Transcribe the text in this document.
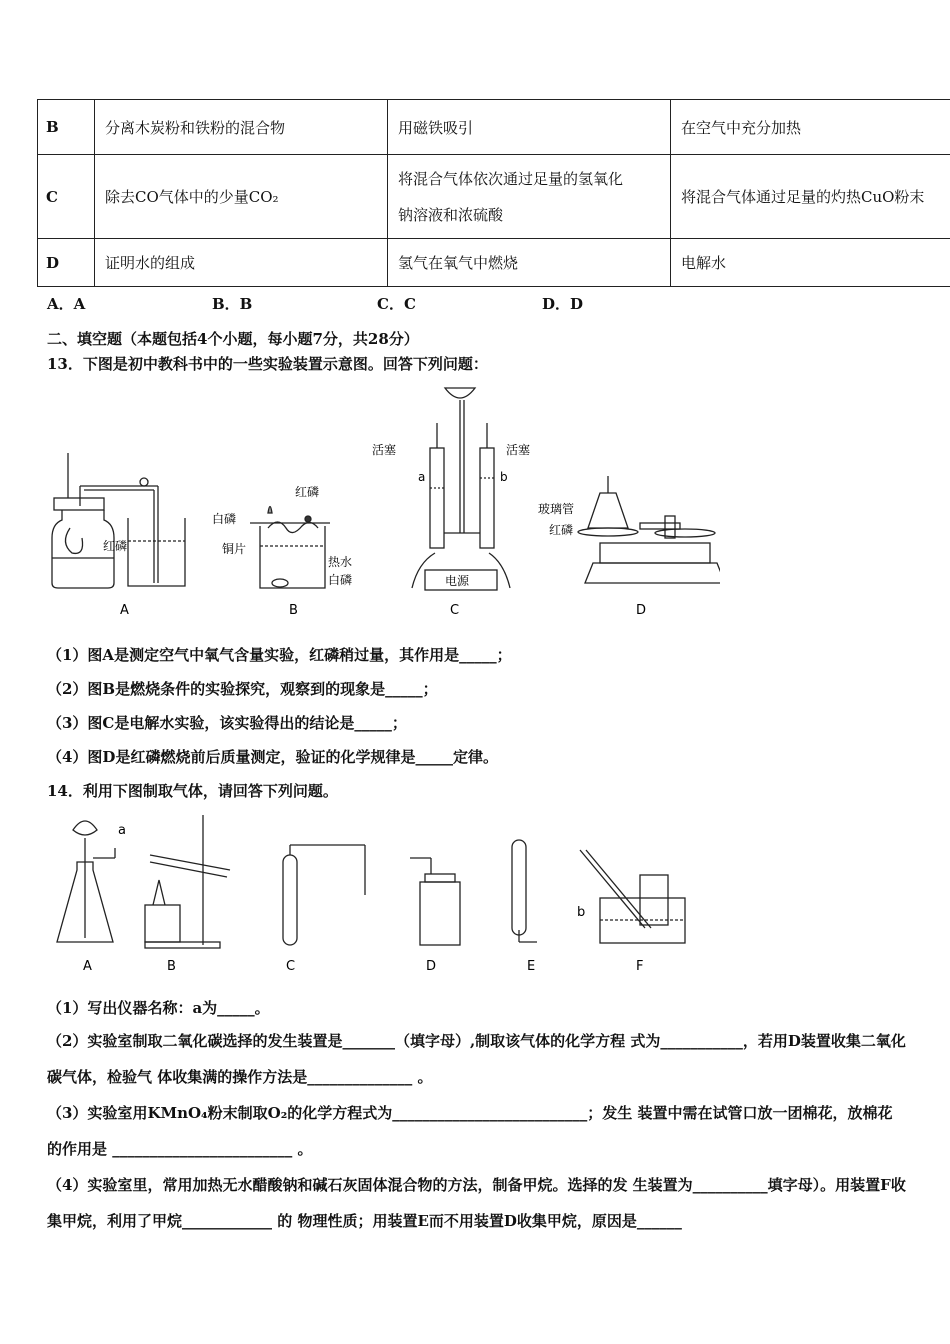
B	分离木炭粉和铁粉的混合物	用磁铁吸引	在空气中充分加热
C	除去CO气体中的少量CO₂	将混合气体依次通过足量的氢氧化
钠溶液和浓硫酸	将混合气体通过足量的灼热CuO粉末
D	证明水的组成	氢气在氧气中燃烧	电解水
A．A	B．B	C．C	D．D
二、填空题（本题包括4个小题，每小题7分，共28分）
13．下图是初中教科书中的一些实验装置示意图。回答下列问题：
红磷
红磷
白磷
铜片
热水
白磷
活塞	活塞
a	b
电源
玻璃管
红磷
A	B	C	D
（1）图A是测定空气中氧气含量实验，红磷稍过量，其作用是_____；
（2）图B是燃烧条件的实验探究，观察到的现象是_____；
（3）图C是电解水实验，该实验得出的结论是_____；
（4）图D是红磷燃烧前后质量测定，验证的化学规律是_____定律。
14．利用下图制取气体，请回答下列问题。
a
b
A	B	C	D	E	F
（1）写出仪器名称：a为_____。
（2）实验室制取二氧化碳选择的发生装置是_______（填字母）,制取该气体的化学方程 式为___________，若用D装置收集二氧化碳气体，检验气 体收集满的操作方法是______________ 。
（3）实验室用KMnO₄粉末制取O₂的化学方程式为__________________________；发生 装置中需在试管口放一团棉花，放棉花的作用是 ________________________ 。
（4）实验室里，常用加热无水醋酸钠和碱石灰固体混合物的方法，制备甲烷。选择的发 生装置为__________填字母）。用装置F收集甲烷，利用了甲烷____________ 的 物理性质；用装置E而不用装置D收集甲烷，原因是______
